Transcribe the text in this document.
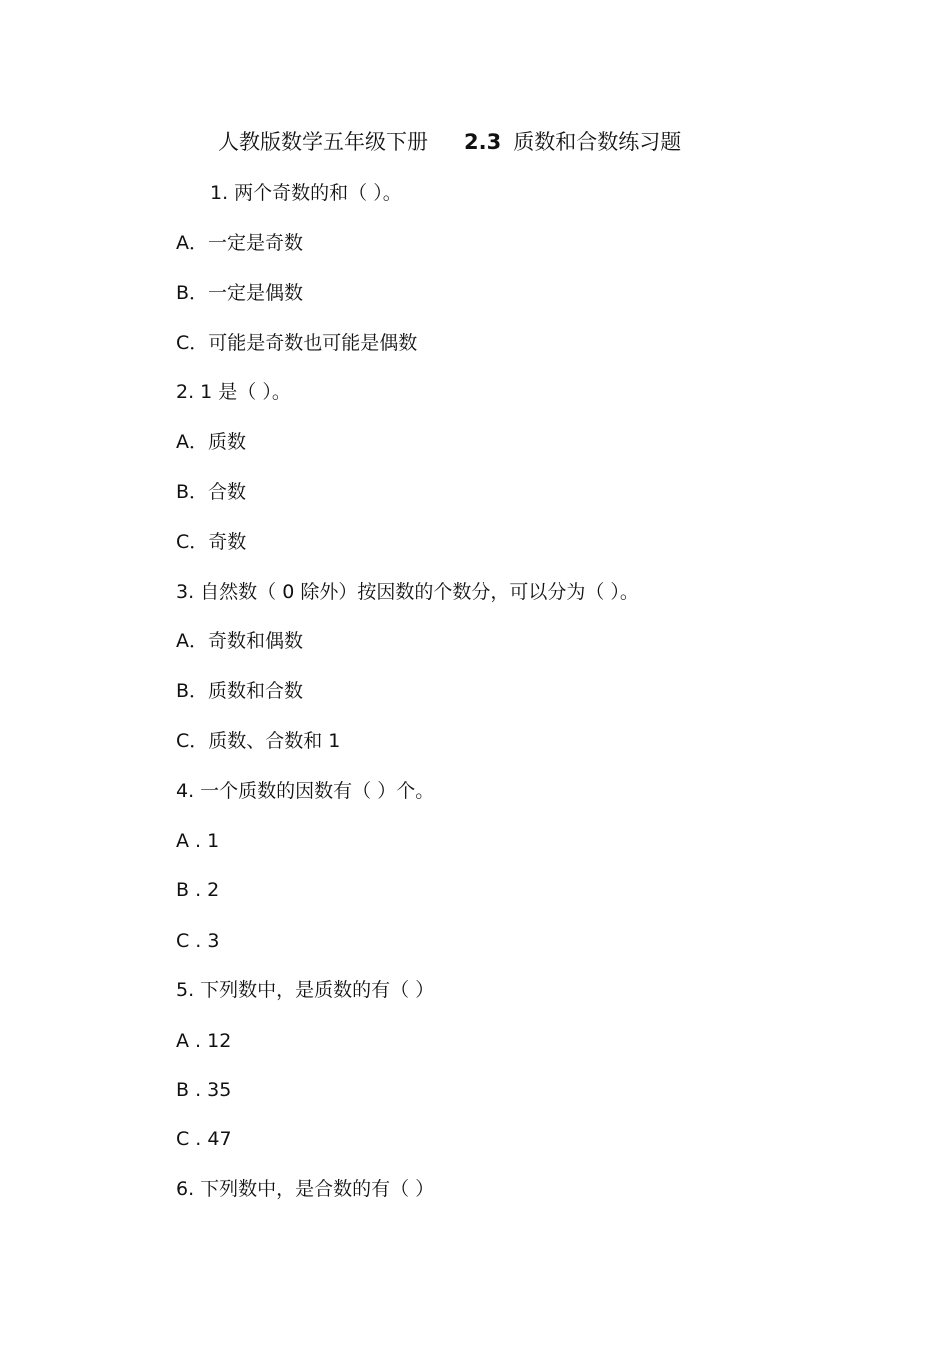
人教版数学五年级下册 2.3 质数和合数练习题
1. 两个奇数的和（ ）。
A．一定是奇数
B．一定是偶数
C．可能是奇数也可能是偶数
2. 1 是（ ）。
A．质数
B．合数
C．奇数
3. 自然数（ 0 除外）按因数的个数分，可以分为（ ）。
A．奇数和偶数
B．质数和合数
C．质数、合数和 1
4. 一个质数的因数有（ ）个。
A . 1
B . 2
C . 3
5. 下列数中，是质数的有（ ）
A . 12
B . 35
C . 47
6. 下列数中，是合数的有（ ）
